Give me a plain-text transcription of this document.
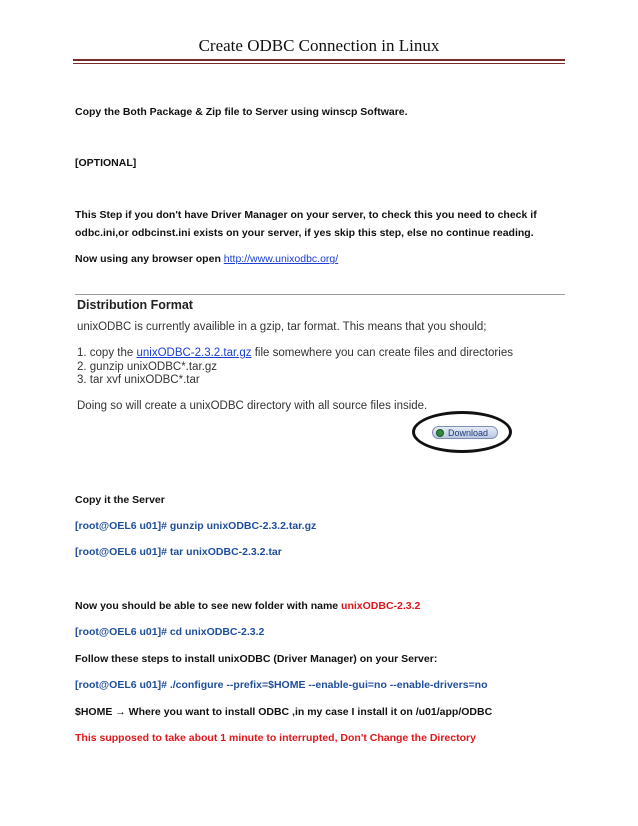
Create ODBC Connection in Linux
Copy the Both Package & Zip file to Server using winscp Software.
[OPTIONAL]
This Step if you don't have Driver Manager on your server, to check this you need to check if
odbc.ini,or odbcinst.ini exists on your server, if yes skip this step, else no continue reading.
Now using any browser open http://www.unixodbc.org/
Distribution Format
unixODBC is currently availible in a gzip, tar format. This means that you should;
1. copy the unixODBC-2.3.2.tar.gz file somewhere you can create files and directories
2. gunzip unixODBC*.tar.gz
3. tar xvf unixODBC*.tar
Doing so will create a unixODBC directory with all source files inside.
Download
Copy it the Server
[root@OEL6 u01]# gunzip unixODBC-2.3.2.tar.gz
[root@OEL6 u01]# tar unixODBC-2.3.2.tar
Now you should be able to see new folder with name unixODBC-2.3.2
[root@OEL6 u01]# cd unixODBC-2.3.2
Follow these steps to install unixODBC (Driver Manager) on your Server:
[root@OEL6 u01]# ./configure --prefix=$HOME --enable-gui=no --enable-drivers=no
$HOME → Where you want to install ODBC ,in my case I install it on /u01/app/ODBC
This supposed to take about 1 minute to interrupted, Don't Change the Directory
